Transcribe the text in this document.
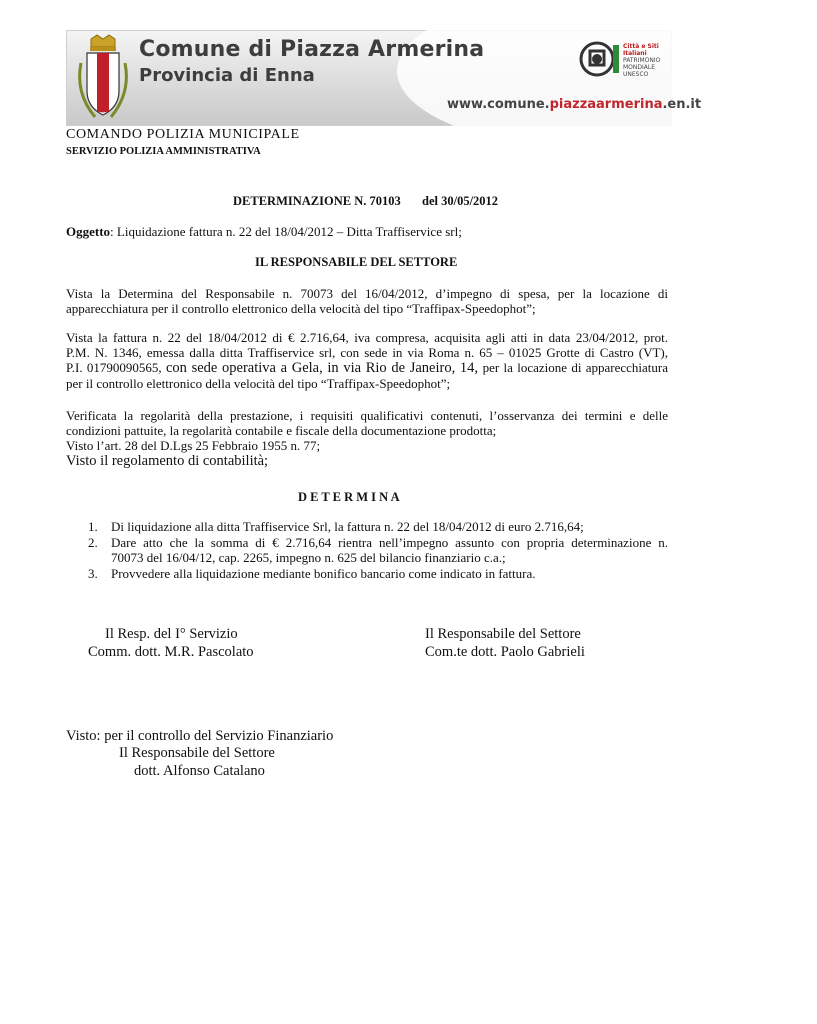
Comune di Piazza Armerina
Provincia di Enna
Città e Siti Italiani
PATRIMONIO
MONDIALE
UNESCO
www.comune.piazzaarmerina.en.it
COMANDO POLIZIA MUNICIPALE
SERVIZIO POLIZIA AMMINISTRATIVA
DETERMINAZIONE N. 70103 del 30/05/2012
Oggetto: Liquidazione fattura n. 22 del 18/04/2012 – Ditta Traffiservice srl;
IL RESPONSABILE DEL SETTORE
Vista la Determina del Responsabile n. 70073 del 16/04/2012, d’impegno di spesa, per la locazione di
apparecchiatura per il controllo elettronico della velocità del tipo “Traffipax-Speedophot”;
Vista la fattura n. 22 del 18/04/2012 di € 2.716,64, iva compresa, acquisita agli atti in data 23/04/2012, prot.
P.M. N. 1346, emessa dalla ditta Traffiservice srl, con sede in via Roma n. 65 – 01025 Grotte di Castro (VT),
P.I. 01790090565, con sede operativa a Gela, in via Rio de Janeiro, 14, per la locazione di apparecchiatura
per il controllo elettronico della velocità del tipo “Traffipax-Speedophot”;
Verificata la regolarità della prestazione, i requisiti qualificativi contenuti, l’osservanza dei termini e delle
condizioni pattuite, la regolarità contabile e fiscale della documentazione prodotta;
Visto l’art. 28 del D.Lgs 25 Febbraio 1955 n. 77;
Visto il regolamento di contabilità;
D E T E R M I N A
1. Di liquidazione alla ditta Traffiservice Srl, la fattura n. 22 del 18/04/2012 di euro 2.716,64;
2. Dare atto che la somma di € 2.716,64 rientra nell’impegno assunto con propria determinazione n.
70073 del 16/04/12, cap. 2265, impegno n. 625 del bilancio finanziario c.a.;
3. Provvedere alla liquidazione mediante bonifico bancario come indicato in fattura.
Il Resp. del I° Servizio
Comm. dott. M.R. Pascolato
Il Responsabile del Settore
Com.te dott. Paolo Gabrieli
Visto: per il controllo del Servizio Finanziario
Il Responsabile del Settore
dott. Alfonso Catalano
